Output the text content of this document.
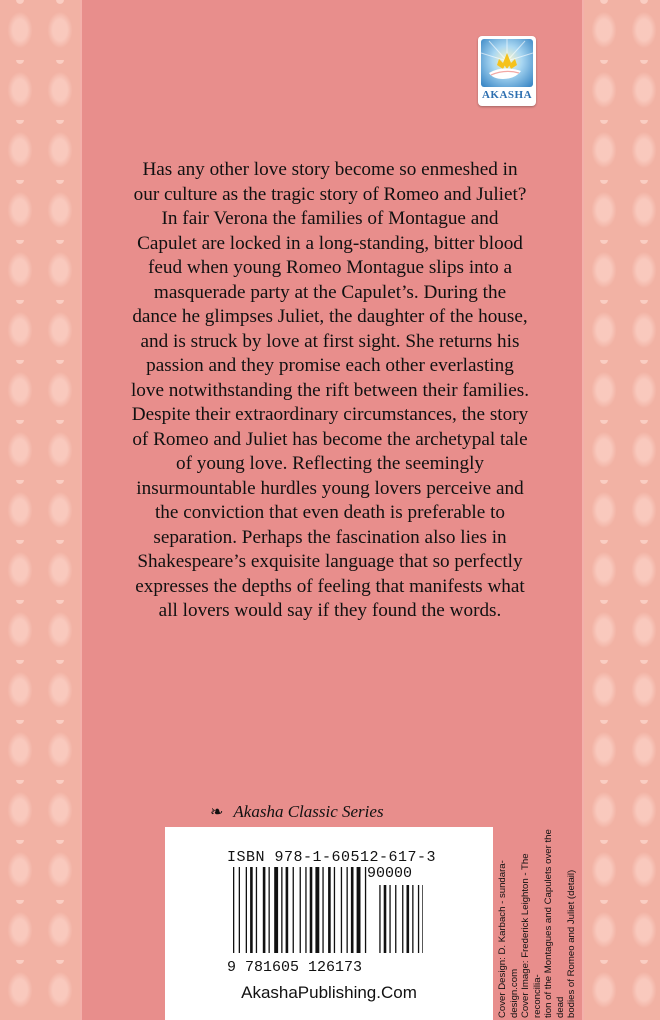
AKASHA

Has any other love story become so enmeshed in our culture as the tragic story of Romeo and Juliet? In fair Verona the families of Montague and Capulet are locked in a long-standing, bitter blood feud when young Romeo Montague slips into a masquerade party at the Capulet’s. During the dance he glimpses Juliet, the daughter of the house, and is struck by love at first sight. She returns his passion and they promise each other everlasting love notwithstanding the rift between their families.

Despite their extraordinary circumstances, the story of Romeo and Juliet has become the archetypal tale of young love. Reflecting the seemingly insurmountable hurdles young lovers perceive and the conviction that even death is preferable to separation. Perhaps the fascination also lies in Shakespeare’s exquisite language that so perfectly expresses the depths of feeling that manifests what all lovers would say if they found the words.

❧ Akasha Classic Series
ISBN 978-1-60512-617-3
90000
9 781605 126173
AkashaPublishing.Com	Cover Design: D. Karbach - sundara-design.com Cover Image: Frederick Leighton - The reconcilia- tion of the Montagues and Capulets over the dead bodies of Romeo and Juliet (detail)
